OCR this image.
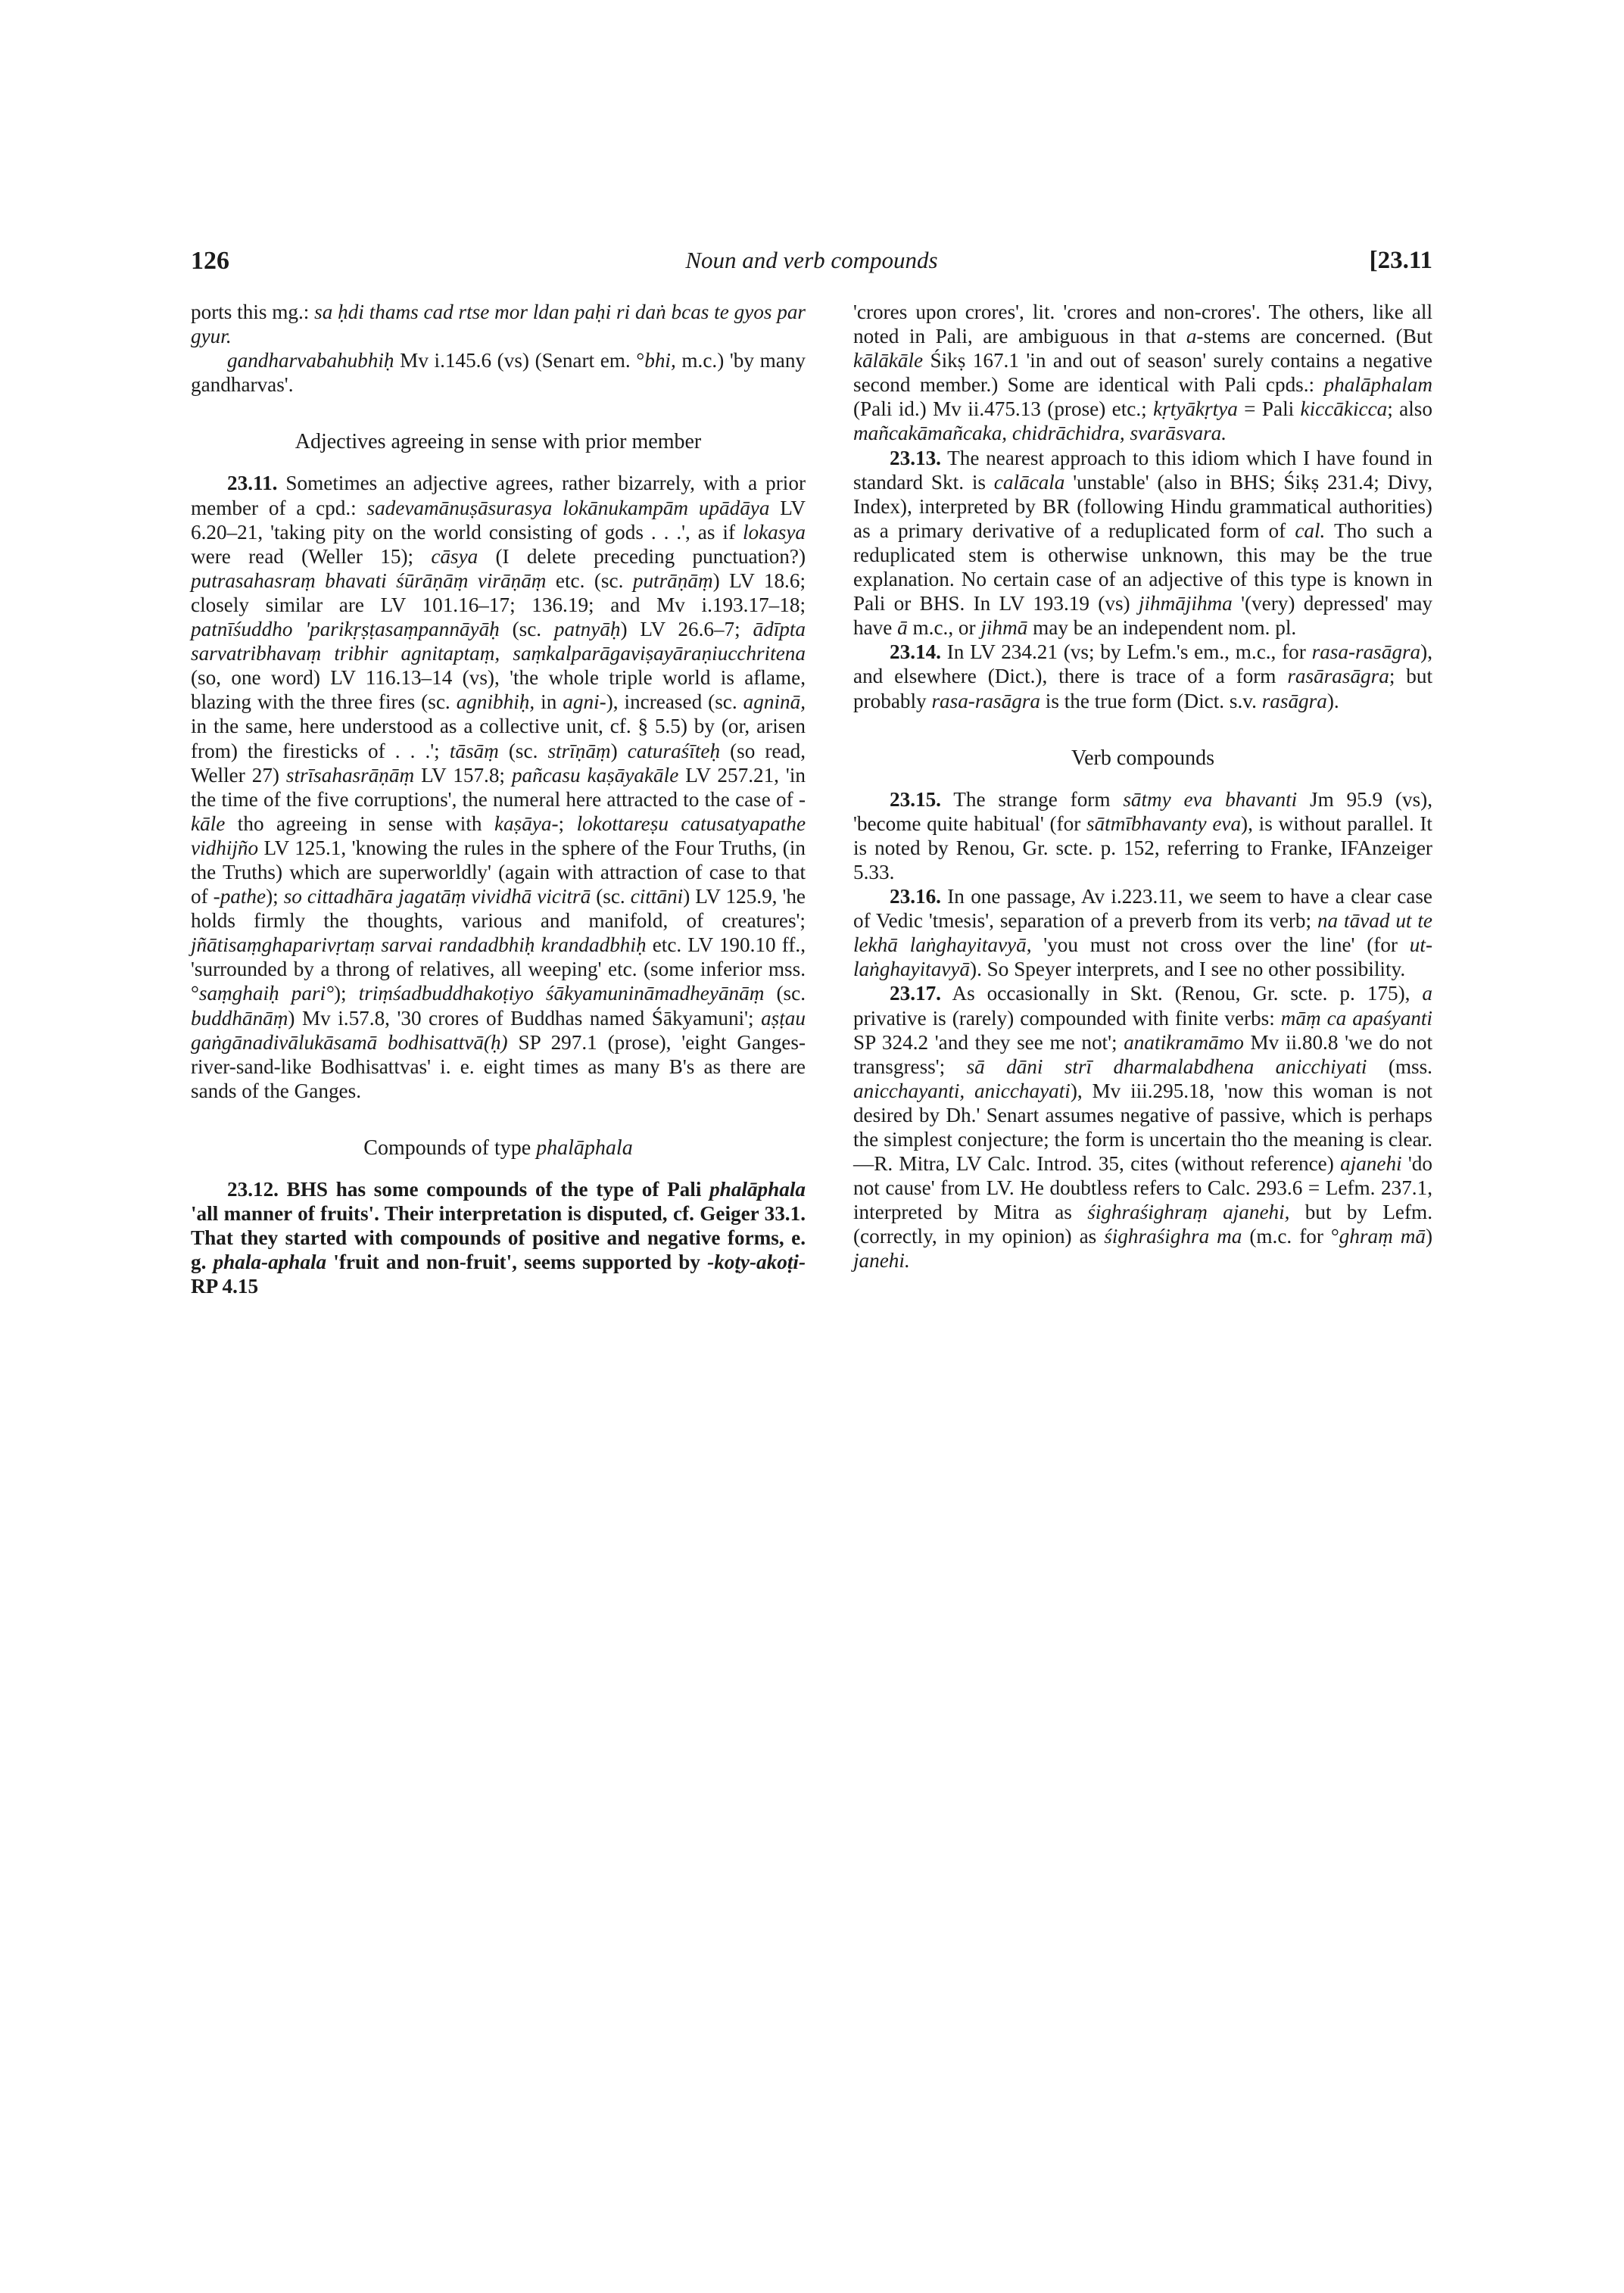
126	Noun and verb compounds	[23.11

ports this mg.: sa ḥdi thams cad rtse mor ldan paḥi ri daṅ bcas te gyos par gyur.

gandharvabahubhiḥ Mv i.145.6 (vs) (Senart em. °bhi, m.c.) 'by many gandharvas'.

Adjectives agreeing in sense with prior member

23.11. Sometimes an adjective agrees, rather bizarrely, with a prior member of a cpd.: sadevamānuṣāsurasya lokānukampām upādāya LV 6.20–21, 'taking pity on the world consisting of gods . . .', as if lokasya were read (Weller 15); cāsya (I delete preceding punctuation?) putrasahasraṃ bhavati śūrāṇāṃ virāṇāṃ etc. (sc. putrāṇāṃ) LV 18.6; closely similar are LV 101.16–17; 136.19; and Mv i.193.17–18; patnīśuddho 'parikṛṣṭasaṃpannāyāḥ (sc. patnyāḥ) LV 26.6–7; ādīpta sarvatribhavaṃ tribhir agnitaptaṃ, saṃkalparāgaviṣayāraṇiucchritena (so, one word) LV 116.13–14 (vs), 'the whole triple world is aflame, blazing with the three fires (sc. agnibhiḥ, in agni-), increased (sc. agninā, in the same, here understood as a collective unit, cf. § 5.5) by (or, arisen from) the firesticks of . . .'; tāsāṃ (sc. strīṇāṃ) caturaśīteḥ (so read, Weller 27) strīsahasrāṇāṃ LV 157.8; pañcasu kaṣāyakāle LV 257.21, 'in the time of the five corruptions', the numeral here attracted to the case of -kāle tho agreeing in sense with kaṣāya-; lokottareṣu catusatyapathe vidhijño LV 125.1, 'knowing the rules in the sphere of the Four Truths, (in the Truths) which are superworldly' (again with attraction of case to that of -pathe); so cittadhāra jagatāṃ vividhā vicitrā (sc. cittāni) LV 125.9, 'he holds firmly the thoughts, various and manifold, of creatures'; jñātisaṃghaparivṛtaṃ sarvai randadbhiḥ krandadbhiḥ etc. LV 190.10 ff., 'surrounded by a throng of relatives, all weeping' etc. (some inferior mss. °saṃghaiḥ pari°); triṃśadbuddhakoṭiyo śākyamunināmadheyānāṃ (sc. buddhānāṃ) Mv i.57.8, '30 crores of Buddhas named Śākyamuni'; aṣṭau gaṅgānadivālukāsamā bodhisattvā(ḥ) SP 297.1 (prose), 'eight Ganges-river-sand-like Bodhisattvas' i. e. eight times as many B's as there are sands of the Ganges.

Compounds of type phalāphala

23.12. BHS has some compounds of the type of Pali phalāphala 'all manner of fruits'. Their interpretation is disputed, cf. Geiger 33.1. That they started with compounds of positive and negative forms, e. g. phala-aphala 'fruit and non-fruit', seems supported by -koṭy-akoṭi- RP 4.15

'crores upon crores', lit. 'crores and non-crores'. The others, like all noted in Pali, are ambiguous in that a-stems are concerned. (But kālākāle Śikṣ 167.1 'in and out of season' surely contains a negative second member.) Some are identical with Pali cpds.: phalāphalam (Pali id.) Mv ii.475.13 (prose) etc.; kṛtyākṛtya = Pali kiccākicca; also mañcakāmañcaka, chidrāchidra, svarāsvara.

23.13. The nearest approach to this idiom which I have found in standard Skt. is calācala 'unstable' (also in BHS; Śikṣ 231.4; Divy, Index), interpreted by BR (following Hindu grammatical authorities) as a primary derivative of a reduplicated form of cal. Tho such a reduplicated stem is otherwise unknown, this may be the true explanation. No certain case of an adjective of this type is known in Pali or BHS. In LV 193.19 (vs) jihmājihma '(very) depressed' may have ā m.c., or jihmā may be an independent nom. pl.

23.14. In LV 234.21 (vs; by Lefm.'s em., m.c., for rasa-rasāgra), and elsewhere (Dict.), there is trace of a form rasārasāgra; but probably rasa-rasāgra is the true form (Dict. s.v. rasāgra).

Verb compounds

23.15. The strange form sātmy eva bhavanti Jm 95.9 (vs), 'become quite habitual' (for sātmībhavanty eva), is without parallel. It is noted by Renou, Gr. scte. p. 152, referring to Franke, IFAnzeiger 5.33.

23.16. In one passage, Av i.223.11, we seem to have a clear case of Vedic 'tmesis', separation of a preverb from its verb; na tāvad ut te lekhā laṅghayitavyā, 'you must not cross over the line' (for ut-laṅghayitavyā). So Speyer interprets, and I see no other possibility.

23.17. As occasionally in Skt. (Renou, Gr. scte. p. 175), a privative is (rarely) compounded with finite verbs: māṃ ca apaśyanti SP 324.2 'and they see me not'; anatikramāmo Mv ii.80.8 'we do not transgress'; sā dāni strī dharmalabdhena anicchiyati (mss. anicchayanti, anicchayati), Mv iii.295.18, 'now this woman is not desired by Dh.' Senart assumes negative of passive, which is perhaps the simplest conjecture; the form is uncertain tho the meaning is clear.—R. Mitra, LV Calc. Introd. 35, cites (without reference) ajanehi 'do not cause' from LV. He doubtless refers to Calc. 293.6 = Lefm. 237.1, interpreted by Mitra as śighraśighraṃ ajanehi, but by Lefm. (correctly, in my opinion) as śighraśighra ma (m.c. for °ghraṃ mā) janehi.
